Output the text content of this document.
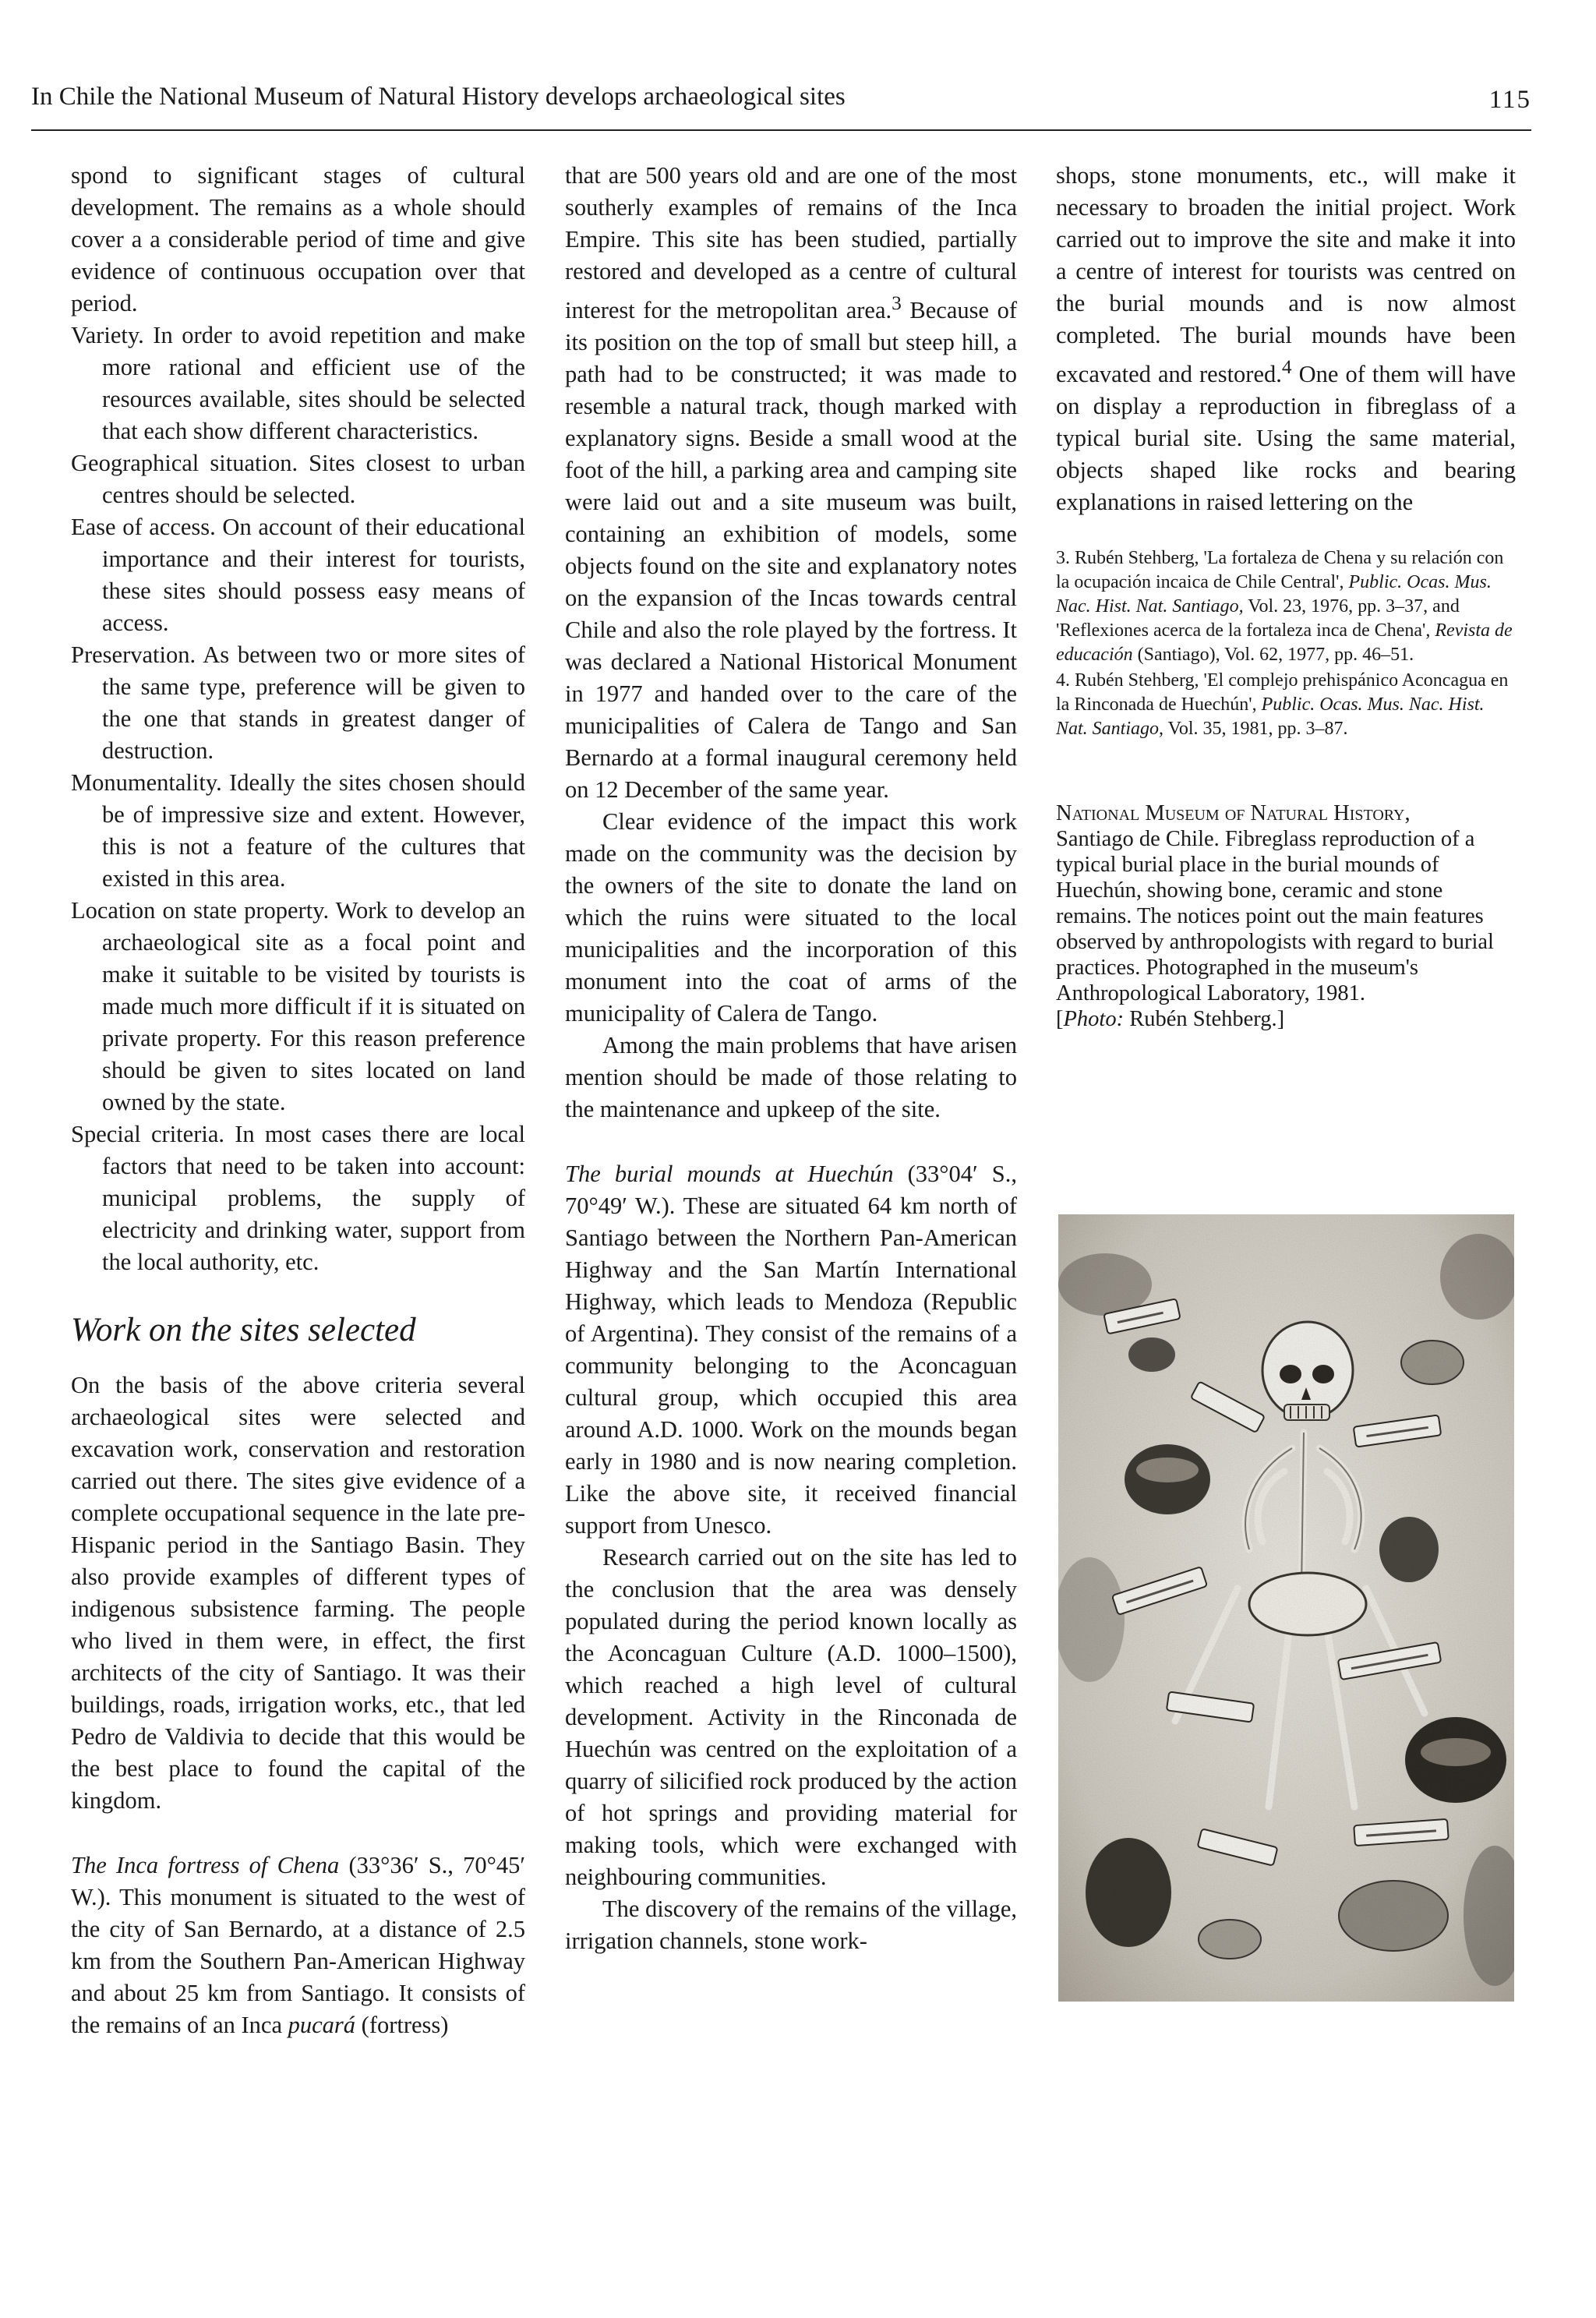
In Chile the National Museum of Natural History develops archaeological sites	115

spond to significant stages of cultural development. The remains as a whole should cover a a considerable period of time and give evidence of continuous occupation over that period.

Variety. In order to avoid repetition and make more rational and efficient use of the resources available, sites should be selected that each show different characteristics.

Geographical situation. Sites closest to urban centres should be selected.

Ease of access. On account of their educational importance and their interest for tourists, these sites should possess easy means of access.

Preservation. As between two or more sites of the same type, preference will be given to the one that stands in greatest danger of destruction.

Monumentality. Ideally the sites chosen should be of impressive size and extent. However, this is not a feature of the cultures that existed in this area.

Location on state property. Work to develop an archaeological site as a focal point and make it suitable to be visited by tourists is made much more difficult if it is situated on private property. For this reason preference should be given to sites located on land owned by the state.

Special criteria. In most cases there are local factors that need to be taken into account: municipal problems, the supply of electricity and drinking water, support from the local authority, etc.

Work on the sites selected

On the basis of the above criteria several archaeological sites were selected and excavation work, conservation and restoration carried out there. The sites give evidence of a complete occupational sequence in the late pre-Hispanic period in the Santiago Basin. They also provide examples of different types of indigenous subsistence farming. The people who lived in them were, in effect, the first architects of the city of Santiago. It was their buildings, roads, irrigation works, etc., that led Pedro de Valdivia to decide that this would be the best place to found the capital of the kingdom.

The Inca fortress of Chena (33°36′ S., 70°45′ W.). This monument is situated to the west of the city of San Bernardo, at a distance of 2.5 km from the Southern Pan-American Highway and about 25 km from Santiago. It consists of the remains of an Inca pucará (fortress)

that are 500 years old and are one of the most southerly examples of remains of the Inca Empire. This site has been studied, partially restored and developed as a centre of cultural interest for the metropolitan area.$^3$ Because of its position on the top of small but steep hill, a path had to be constructed; it was made to resemble a natural track, though marked with explanatory signs. Beside a small wood at the foot of the hill, a parking area and camping site were laid out and a site museum was built, containing an exhibition of models, some objects found on the site and explanatory notes on the expansion of the Incas towards central Chile and also the role played by the fortress. It was declared a National Historical Monument in 1977 and handed over to the care of the municipalities of Calera de Tango and San Bernardo at a formal inaugural ceremony held on 12 December of the same year.

Clear evidence of the impact this work made on the community was the decision by the owners of the site to donate the land on which the ruins were situated to the local municipalities and the incorporation of this monument into the coat of arms of the municipality of Calera de Tango.

Among the main problems that have arisen mention should be made of those relating to the maintenance and upkeep of the site.

The burial mounds at Huechún (33°04′ S., 70°49′ W.). These are situated 64 km north of Santiago between the Northern Pan-American Highway and the San Martín International Highway, which leads to Mendoza (Republic of Argentina). They consist of the remains of a community belonging to the Aconcaguan cultural group, which occupied this area around A.D. 1000. Work on the mounds began early in 1980 and is now nearing completion. Like the above site, it received financial support from Unesco.

Research carried out on the site has led to the conclusion that the area was densely populated during the period known locally as the Aconcaguan Culture (A.D. 1000–1500), which reached a high level of cultural development. Activity in the Rinconada de Huechún was centred on the exploitation of a quarry of silicified rock produced by the action of hot springs and providing material for making tools, which were exchanged with neighbouring communities.

The discovery of the remains of the village, irrigation channels, stone work-

shops, stone monuments, etc., will make it necessary to broaden the initial project. Work carried out to improve the site and make it into a centre of interest for tourists was centred on the burial mounds and is now almost completed. The burial mounds have been excavated and restored.$^4$ One of them will have on display a reproduction in fibreglass of a typical burial site. Using the same material, objects shaped like rocks and bearing explanations in raised lettering on the

3. Rubén Stehberg, 'La fortaleza de Chena y su relación con la ocupación incaica de Chile Central', Public. Ocas. Mus. Nac. Hist. Nat. Santiago, Vol. 23, 1976, pp. 3–37, and 'Reflexiones acerca de la fortaleza inca de Chena', Revista de educación (Santiago), Vol. 62, 1977, pp. 46–51.

4. Rubén Stehberg, 'El complejo prehispánico Aconcagua en la Rinconada de Huechún', Public. Ocas. Mus. Nac. Hist. Nat. Santiago, Vol. 35, 1981, pp. 3–87.

National Museum of Natural History,

Santiago de Chile. Fibreglass reproduction of a typical burial place in the burial mounds of Huechún, showing bone, ceramic and stone remains. The notices point out the main features observed by anthropologists with regard to burial practices. Photographed in the museum's Anthropological Laboratory, 1981.

[Photo: Rubén Stehberg.]
